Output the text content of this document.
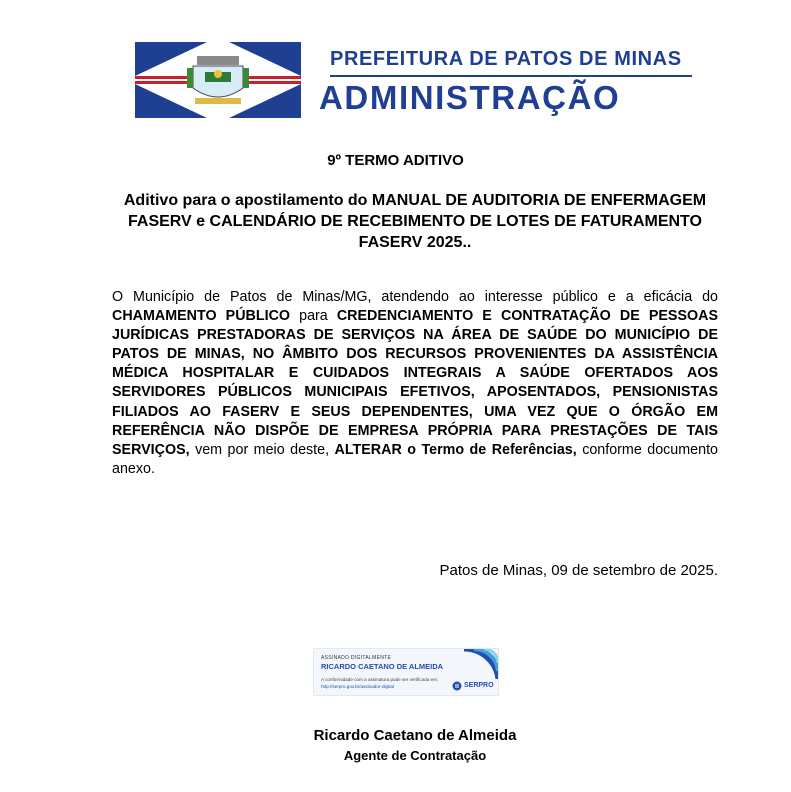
PREFEITURA DE PATOS DE MINAS
ADMINISTRAÇÃO
9º TERMO ADITIVO
Aditivo para o apostilamento do MANUAL DE AUDITORIA DE ENFERMAGEM FASERV e CALENDÁRIO DE RECEBIMENTO DE LOTES DE FATURAMENTO FASERV 2025..
O Município de Patos de Minas/MG, atendendo ao interesse público e a eficácia do CHAMAMENTO PÚBLICO para CREDENCIAMENTO E CONTRATAÇÃO DE PESSOAS JURÍDICAS PRESTADORAS DE SERVIÇOS NA ÁREA DE SAÚDE DO MUNICÍPIO DE PATOS DE MINAS, NO ÂMBITO DOS RECURSOS PROVENIENTES DA ASSISTÊNCIA MÉDICA HOSPITALAR E CUIDADOS INTEGRAIS A SAÚDE OFERTADOS AOS SERVIDORES PÚBLICOS MUNICIPAIS EFETIVOS, APOSENTADOS, PENSIONISTAS FILIADOS AO FASERV E SEUS DEPENDENTES, UMA VEZ QUE O ÓRGÃO EM REFERÊNCIA NÃO DISPÕE DE EMPRESA PRÓPRIA PARA PRESTAÇÕES DE TAIS SERVIÇOS, vem por meio deste, ALTERAR o Termo de Referências, conforme documento anexo.
Patos de Minas, 09 de setembro de 2025.
ASSINADO DIGITALMENTE
RICARDO CAETANO DE ALMEIDA
A conformidade com a assinatura pode ser verificada em:
http://serpro.gov.br/assinador-digital	SERPRO
Ricardo Caetano de Almeida
Agente de Contratação
